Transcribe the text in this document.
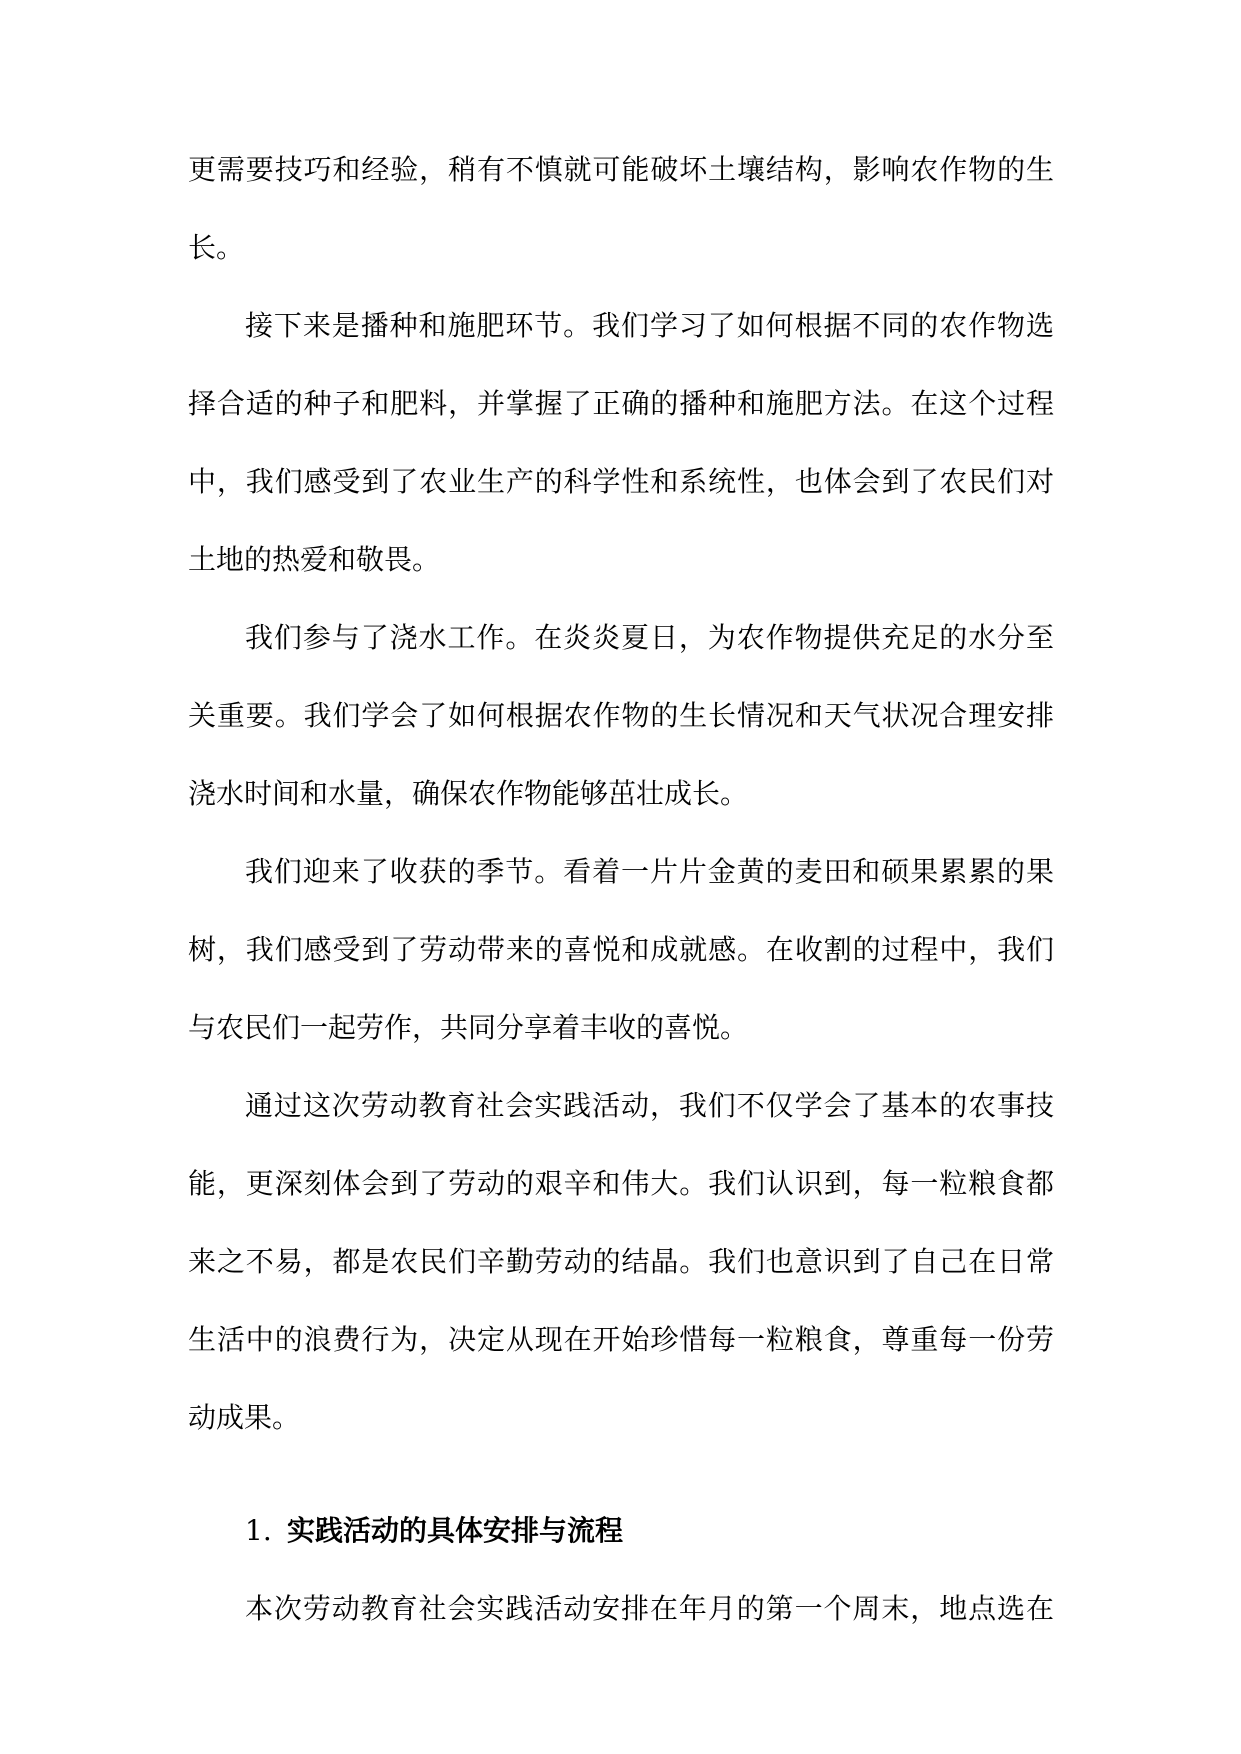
更需要技巧和经验，稍有不慎就可能破坏土壤结构，影响农作物的生
长。
接下来是播种和施肥环节。我们学习了如何根据不同的农作物选
择合适的种子和肥料，并掌握了正确的播种和施肥方法。在这个过程
中，我们感受到了农业生产的科学性和系统性，也体会到了农民们对
土地的热爱和敬畏。
我们参与了浇水工作。在炎炎夏日，为农作物提供充足的水分至
关重要。我们学会了如何根据农作物的生长情况和天气状况合理安排
浇水时间和水量，确保农作物能够茁壮成长。
我们迎来了收获的季节。看着一片片金黄的麦田和硕果累累的果
树，我们感受到了劳动带来的喜悦和成就感。在收割的过程中，我们
与农民们一起劳作，共同分享着丰收的喜悦。
通过这次劳动教育社会实践活动，我们不仅学会了基本的农事技
能，更深刻体会到了劳动的艰辛和伟大。我们认识到，每一粒粮食都
来之不易，都是农民们辛勤劳动的结晶。我们也意识到了自己在日常
生活中的浪费行为，决定从现在开始珍惜每一粒粮食，尊重每一份劳
动成果。
1. 实践活动的具体安排与流程
本次劳动教育社会实践活动安排在年月的第一个周末，地点选在
